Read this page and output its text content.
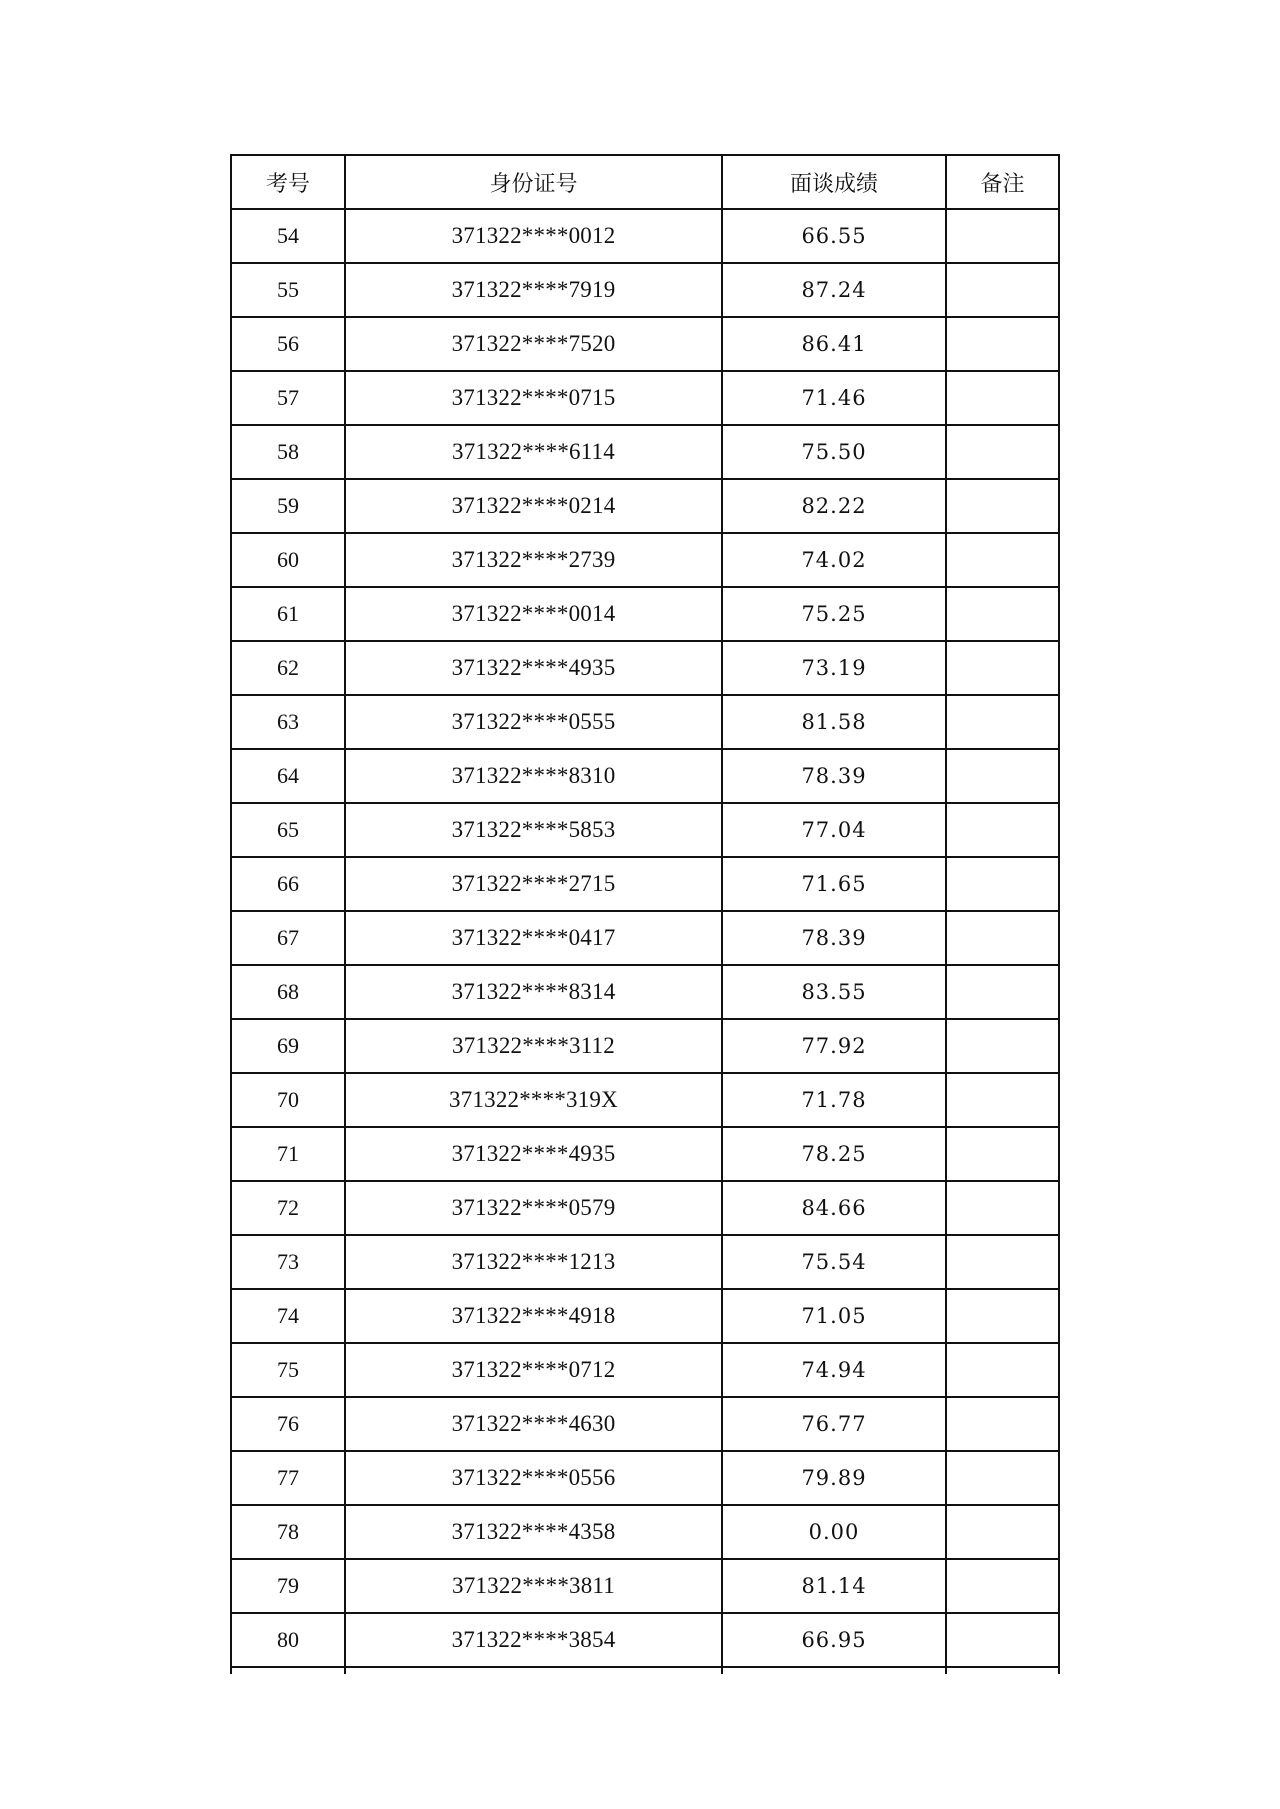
考号	身份证号	面谈成绩	备注
54	371322****0012	66.55	
55	371322****7919	87.24	
56	371322****7520	86.41	
57	371322****0715	71.46	
58	371322****6114	75.50	
59	371322****0214	82.22	
60	371322****2739	74.02	
61	371322****0014	75.25	
62	371322****4935	73.19	
63	371322****0555	81.58	
64	371322****8310	78.39	
65	371322****5853	77.04	
66	371322****2715	71.65	
67	371322****0417	78.39	
68	371322****8314	83.55	
69	371322****3112	77.92	
70	371322****319X	71.78	
71	371322****4935	78.25	
72	371322****0579	84.66	
73	371322****1213	75.54	
74	371322****4918	71.05	
75	371322****0712	74.94	
76	371322****4630	76.77	
77	371322****0556	79.89	
78	371322****4358	0.00	
79	371322****3811	81.14	
80	371322****3854	66.95	
